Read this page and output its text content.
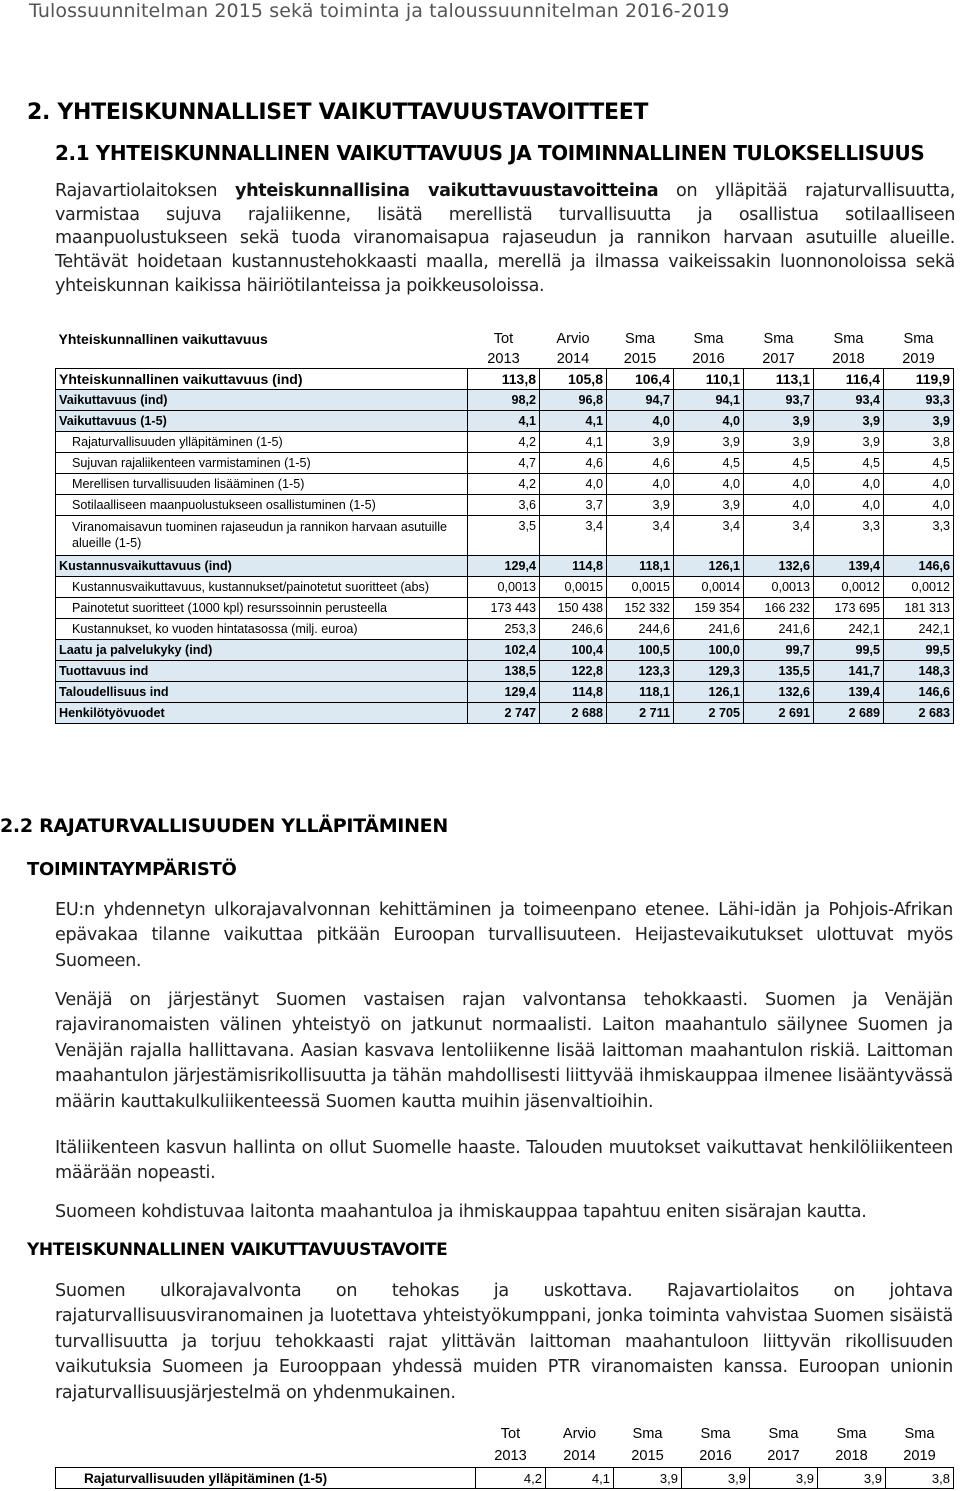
Tulossuunnitelman 2015 sekä toiminta ja taloussuunnitelman 2016-2019
2. YHTEISKUNNALLISET VAIKUTTAVUUSTAVOITTEET
2.1 YHTEISKUNNALLINEN VAIKUTTAVUUS JA TOIMINNALLINEN TULOKSELLISUUS
Rajavartiolaitoksen yhteiskunnallisina vaikuttavuustavoitteina on ylläpitää rajaturvallisuutta, varmistaa sujuva rajaliikenne, lisätä merellistä turvallisuutta ja osallistua sotilaalliseen maanpuolustukseen sekä tuoda viranomaisapua rajaseudun ja rannikon harvaan asutuille alueille. Tehtävät hoidetaan kustannustehokkaasti maalla, merellä ja ilmassa vaikeissakin luonnonoloissa sekä yhteiskunnan kaikissa häiriötilanteissa ja poikkeusoloissa.
Yhteiskunnallinen vaikuttavuus	Tot	Arvio	Sma	Sma	Sma	Sma	Sma
	2013	2014	2015	2016	2017	2018	2019
Yhteiskunnallinen vaikuttavuus (ind)	113,8	105,8	106,4	110,1	113,1	116,4	119,9
Vaikuttavuus (ind)	98,2	96,8	94,7	94,1	93,7	93,4	93,3
Vaikuttavuus (1-5)	4,1	4,1	4,0	4,0	3,9	3,9	3,9
Rajaturvallisuuden ylläpitäminen (1-5)	4,2	4,1	3,9	3,9	3,9	3,9	3,8
Sujuvan rajaliikenteen varmistaminen (1-5)	4,7	4,6	4,6	4,5	4,5	4,5	4,5
Merellisen turvallisuuden lisääminen (1-5)	4,2	4,0	4,0	4,0	4,0	4,0	4,0
Sotilaalliseen maanpuolustukseen osallistuminen (1-5)	3,6	3,7	3,9	3,9	4,0	4,0	4,0
Viranomaisavun tuominen rajaseudun ja rannikon harvaan asutuille alueille (1-5)	3,5	3,4	3,4	3,4	3,4	3,3	3,3
Kustannusvaikuttavuus (ind)	129,4	114,8	118,1	126,1	132,6	139,4	146,6
Kustannusvaikuttavuus, kustannukset/painotetut suoritteet (abs)	0,0013	0,0015	0,0015	0,0014	0,0013	0,0012	0,0012
Painotetut suoritteet (1000 kpl) resurssoinnin perusteella	173 443	150 438	152 332	159 354	166 232	173 695	181 313
Kustannukset, ko vuoden hintatasossa (milj. euroa)	253,3	246,6	244,6	241,6	241,6	242,1	242,1
Laatu ja palvelukyky (ind)	102,4	100,4	100,5	100,0	99,7	99,5	99,5
Tuottavuus ind	138,5	122,8	123,3	129,3	135,5	141,7	148,3
Taloudellisuus ind	129,4	114,8	118,1	126,1	132,6	139,4	146,6
Henkilötyövuodet	2 747	2 688	2 711	2 705	2 691	2 689	2 683
2.2 RAJATURVALLISUUDEN YLLÄPITÄMINEN
TOIMINTAYMPÄRISTÖ
EU:n yhdennetyn ulkorajavalvonnan kehittäminen ja toimeenpano etenee. Lähi-idän ja Pohjois-Afrikan epävakaa tilanne vaikuttaa pitkään Euroopan turvallisuuteen. Heijastevaikutukset ulottuvat myös Suomeen.
Venäjä on järjestänyt Suomen vastaisen rajan valvontansa tehokkaasti. Suomen ja Venäjän rajaviranomaisten välinen yhteistyö on jatkunut normaalisti. Laiton maahantulo säilynee Suomen ja Venäjän rajalla hallittavana. Aasian kasvava lentoliikenne lisää laittoman maahantulon riskiä. Laittoman maahantulon järjestämisrikollisuutta ja tähän mahdollisesti liittyvää ihmiskauppaa ilmenee lisääntyvässä määrin kauttakulkuliikenteessä Suomen kautta muihin jäsenvaltioihin.
Itäliikenteen kasvun hallinta on ollut Suomelle haaste. Talouden muutokset vaikuttavat henkilöliikenteen määrään nopeasti.
Suomeen kohdistuvaa laitonta maahantuloa ja ihmiskauppaa tapahtuu eniten sisärajan kautta.
YHTEISKUNNALLINEN VAIKUTTAVUUSTAVOITE
Suomen ulkorajavalvonta on tehokas ja uskottava. Rajavartiolaitos on johtava rajaturvallisuusviranomainen ja luotettava yhteistyökumppani, jonka toiminta vahvistaa Suomen sisäistä turvallisuutta ja torjuu tehokkaasti rajat ylittävän laittoman maahantuloon liittyvän rikollisuuden vaikutuksia Suomeen ja Eurooppaan yhdessä muiden PTR viranomaisten kanssa. Euroopan unionin rajaturvallisuusjärjestelmä on yhdenmukainen.
	Tot	Arvio	Sma	Sma	Sma	Sma	Sma
	2013	2014	2015	2016	2017	2018	2019
Rajaturvallisuuden ylläpitäminen (1-5)	4,2	4,1	3,9	3,9	3,9	3,9	3,8
